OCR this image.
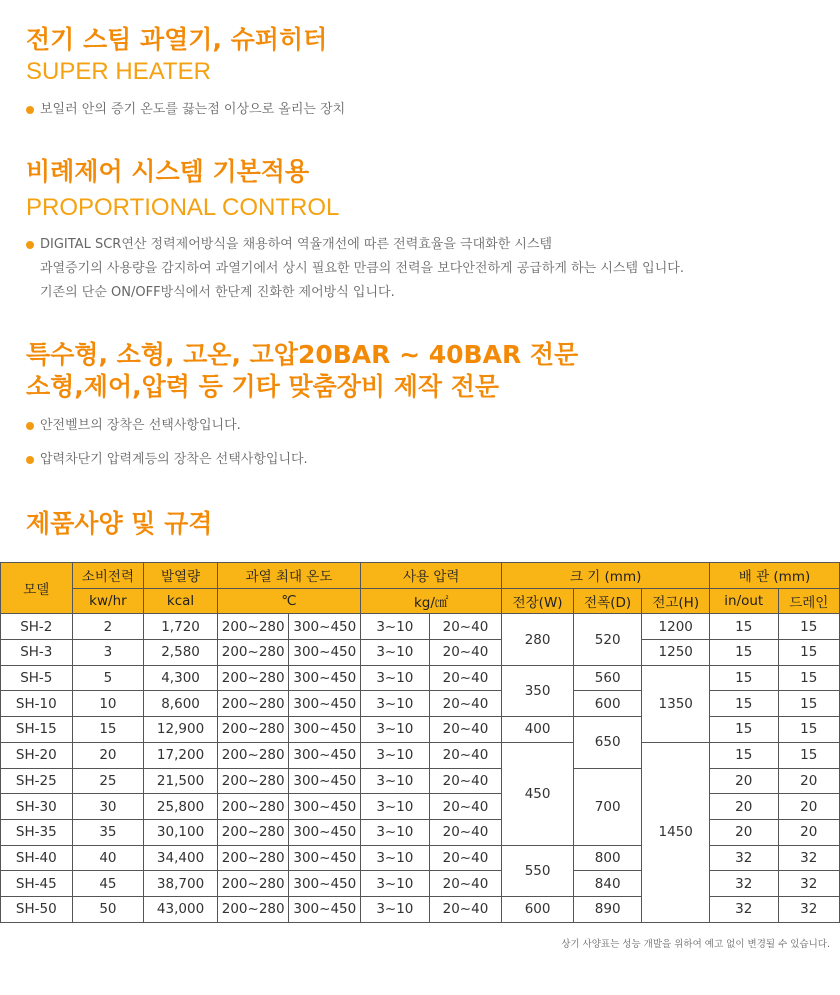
전기 스팀 과열기, 슈퍼히터
SUPER HEATER
보일러 안의 증기 온도를 끓는점 이상으로 올리는 장치
비례제어 시스템 기본적용
PROPORTIONAL CONTROL
DIGITAL SCR연산 정력제어방식을 채용하여 역율개선에 따른 전력효율을 극대화한 시스템
과열증기의 사용량을 감지하여 과열기에서 상시 필요한 만큼의 전력을 보다안전하게 공급하게 하는 시스템 입니다.
기존의 단순 ON/OFF방식에서 한단계 진화한 제어방식 입니다.
특수형, 소형, 고온, 고압20BAR ~ 40BAR 전문
소형,제어,압력 등 기타 맞춤장비 제작 전문
안전벨브의 장착은 선택사항입니다.
압력차단기 압력계등의 장착은 선택사항입니다.
제품사양 및 규격
모델	소비전력	발열량	과열 최대 온도		사용 압력		크 기 (mm)			배 관 (mm)	
	kw/hr	kcal	℃		kg/㎠		전장(W)	전폭(D)	전고(H)	in/out	드레인
SH-2	2	1,720	200~280	300~450	3~10	20~40	280	520	1200	15	15
SH-3	3	2,580	200~280	300~450	3~10	20~40			1250	15	15
SH-5	5	4,300	200~280	300~450	3~10	20~40	350	560	1350	15	15
SH-10	10	8,600	200~280	300~450	3~10	20~40		600		15	15
SH-15	15	12,900	200~280	300~450	3~10	20~40	400	650		15	15
SH-20	20	17,200	200~280	300~450	3~10	20~40	450		1450	15	15
SH-25	25	21,500	200~280	300~450	3~10	20~40		700		20	20
SH-30	30	25,800	200~280	300~450	3~10	20~40				20	20
SH-35	35	30,100	200~280	300~450	3~10	20~40				20	20
SH-40	40	34,400	200~280	300~450	3~10	20~40	550	800		32	32
SH-45	45	38,700	200~280	300~450	3~10	20~40		840		32	32
SH-50	50	43,000	200~280	300~450	3~10	20~40	600	890		32	32
상기 사양표는 성능 개발을 위하여 예고 없이 변경될 수 있습니다.
